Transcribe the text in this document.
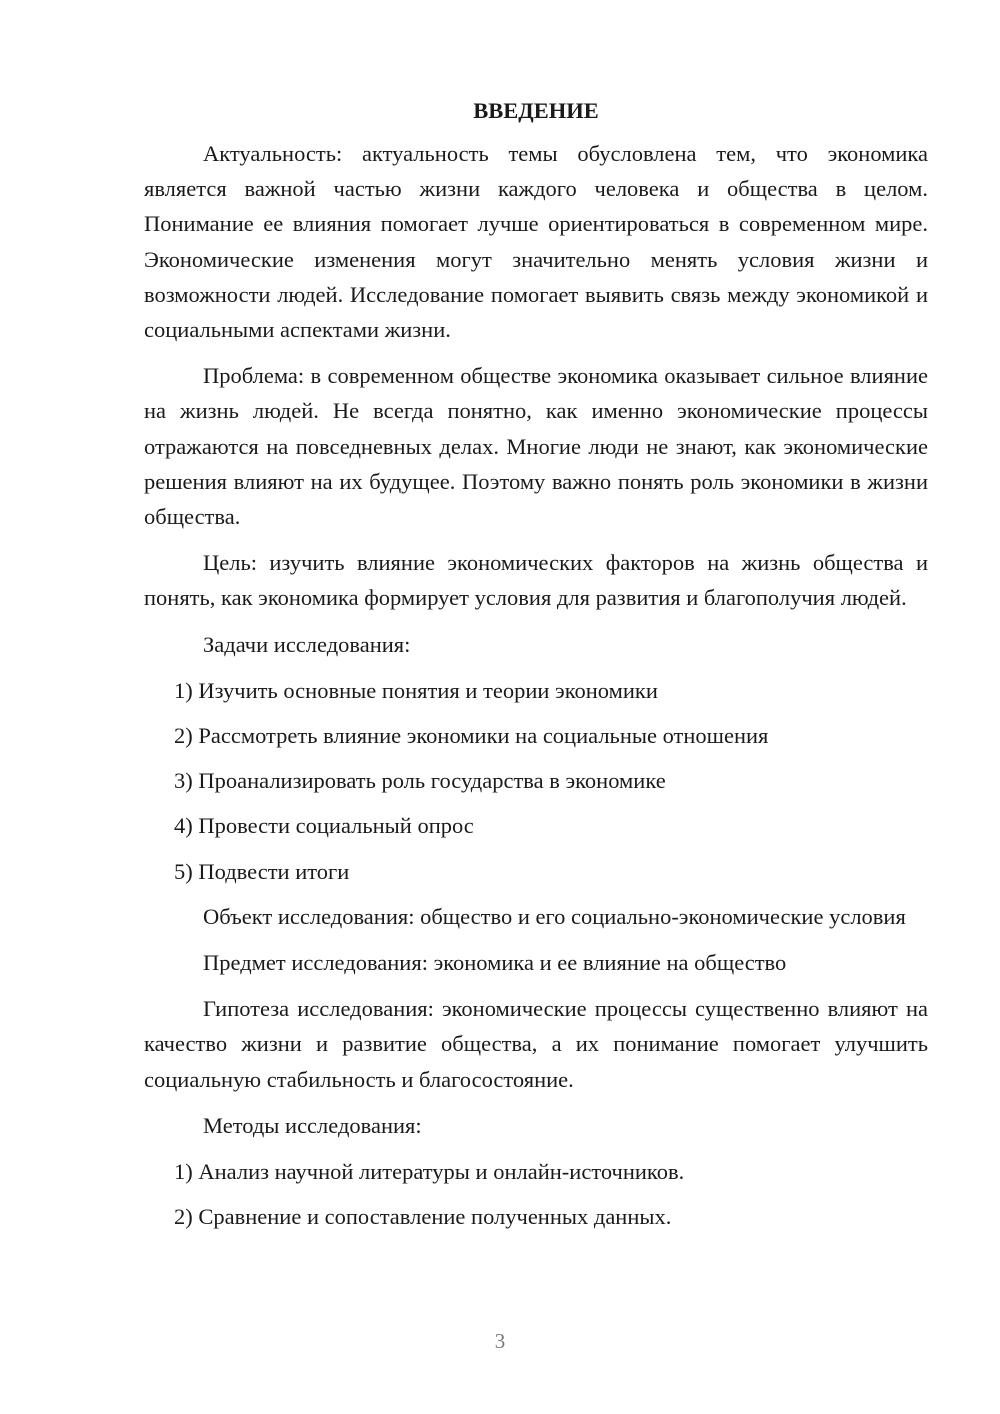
ВВЕДЕНИЕ

Актуальность: актуальность темы обусловлена тем, что экономика является важной частью жизни каждого человека и общества в целом. Понимание ее влияния помогает лучше ориентироваться в современном мире. Экономические изменения могут значительно менять условия жизни и возможности людей. Исследование помогает выявить связь между экономикой и социальными аспектами жизни.

Проблема: в современном обществе экономика оказывает сильное влияние на жизнь людей. Не всегда понятно, как именно экономические процессы отражаются на повседневных делах. Многие люди не знают, как экономические решения влияют на их будущее. Поэтому важно понять роль экономики в жизни общества.

Цель: изучить влияние экономических факторов на жизнь общества и понять, как экономика формирует условия для развития и благополучия людей.

Задачи исследования:

1) Изучить основные понятия и теории экономики
2) Рассмотреть влияние экономики на социальные отношения
3) Проанализировать роль государства в экономике
4) Провести социальный опрос
5) Подвести итоги

Объект исследования: общество и его социально-экономические условия

Предмет исследования: экономика и ее влияние на общество

Гипотеза исследования: экономические процессы существенно влияют на качество жизни и развитие общества, а их понимание помогает улучшить социальную стабильность и благосостояние.

Методы исследования:

1) Анализ научной литературы и онлайн-источников.
2) Сравнение и сопоставление полученных данных.
3
